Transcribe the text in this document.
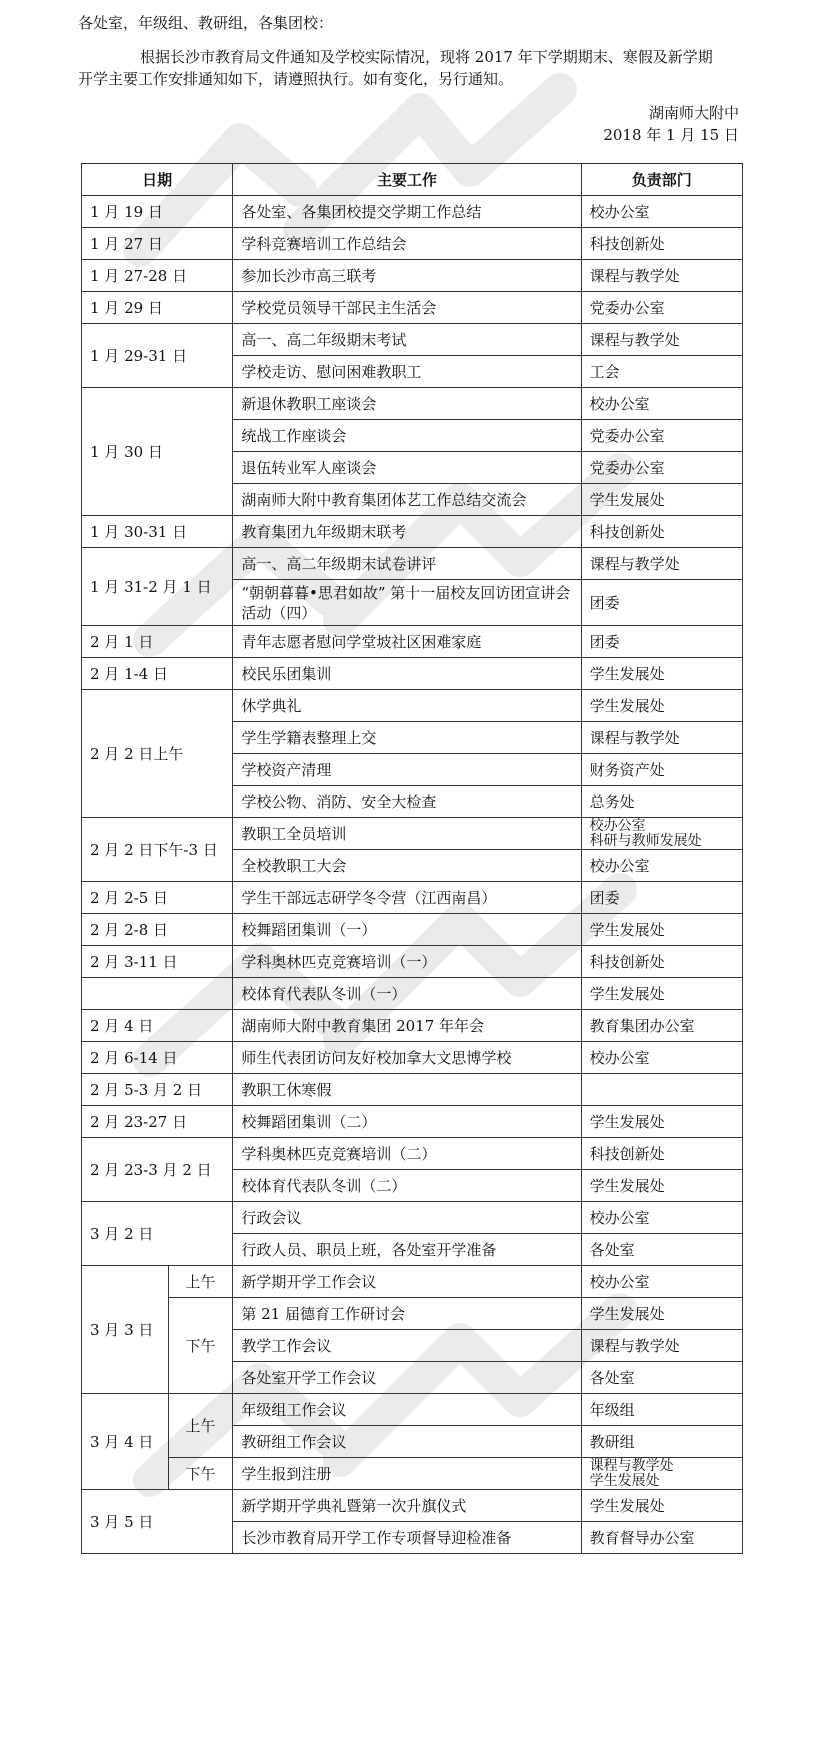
各处室，年级组、教研组，各集团校：
根据长沙市教育局文件通知及学校实际情况，现将 2017 年下学期期末、寒假及新学期
开学主要工作安排通知如下，请遵照执行。如有变化，另行通知。
湖南师大附中
2018 年 1 月 15 日
日期		主要工作	负责部门
1 月 19 日		各处室、各集团校提交学期工作总结	校办公室

1 月 27 日		学科竞赛培训工作总结会	科技创新处

1 月 27-28 日		参加长沙市高三联考	课程与教学处

1 月 29 日		学校党员领导干部民主生活会	党委办公室

1 月 29-31 日		高一、高二年级期末考试	课程与教学处

		学校走访、慰问困难教职工	工会

1 月 30 日		新退休教职工座谈会	校办公室

		统战工作座谈会	党委办公室

		退伍转业军人座谈会	党委办公室

		湖南师大附中教育集团体艺工作总结交流会	学生发展处

1 月 30-31 日		教育集团九年级期末联考	科技创新处

1 月 31-2 月 1 日		高一、高二年级期末试卷讲评	课程与教学处

		“朝朝暮暮•思君如故” 第十一届校友回访团宣讲会活动（四）	团委

2 月 1 日		青年志愿者慰问学堂坡社区困难家庭	团委

2 月 1-4 日		校民乐团集训	学生发展处

2 月 2 日上午		休学典礼	学生发展处

		学生学籍表整理上交	课程与教学处

		学校资产清理	财务资产处

		学校公物、消防、安全大检查	总务处

2 月 2 日下午-3 日		教职工全员培训	校办公室
科研与教师发展处

		全校教职工大会	校办公室

2 月 2-5 日		学生干部远志研学冬令营（江西南昌）	团委

2 月 2-8 日		校舞蹈团集训（一）	学生发展处

2 月 3-11 日		学科奥林匹克竞赛培训（一）	科技创新处

		校体育代表队冬训（一）	学生发展处

2 月 4 日		湖南师大附中教育集团 2017 年年会	教育集团办公室

2 月 6-14 日		师生代表团访问友好校加拿大文思博学校	校办公室

2 月 5-3 月 2 日		教职工休寒假	

2 月 23-27 日		校舞蹈团集训（二）	学生发展处

2 月 23-3 月 2 日		学科奥林匹克竞赛培训（二）	科技创新处

		校体育代表队冬训（二）	学生发展处

3 月 2 日		行政会议	校办公室

		行政人员、职员上班，各处室开学准备	各处室

3 月 3 日	上午	新学期开学工作会议	校办公室

	下午	第 21 届德育工作研讨会	学生发展处

		教学工作会议	课程与教学处

		各处室开学工作会议	各处室

3 月 4 日	上午	年级组工作会议	年级组

		教研组工作会议	教研组

	下午	学生报到注册	课程与教学处
学生发展处

3 月 5 日		新学期开学典礼暨第一次升旗仪式	学生发展处

		长沙市教育局开学工作专项督导迎检准备	教育督导办公室
